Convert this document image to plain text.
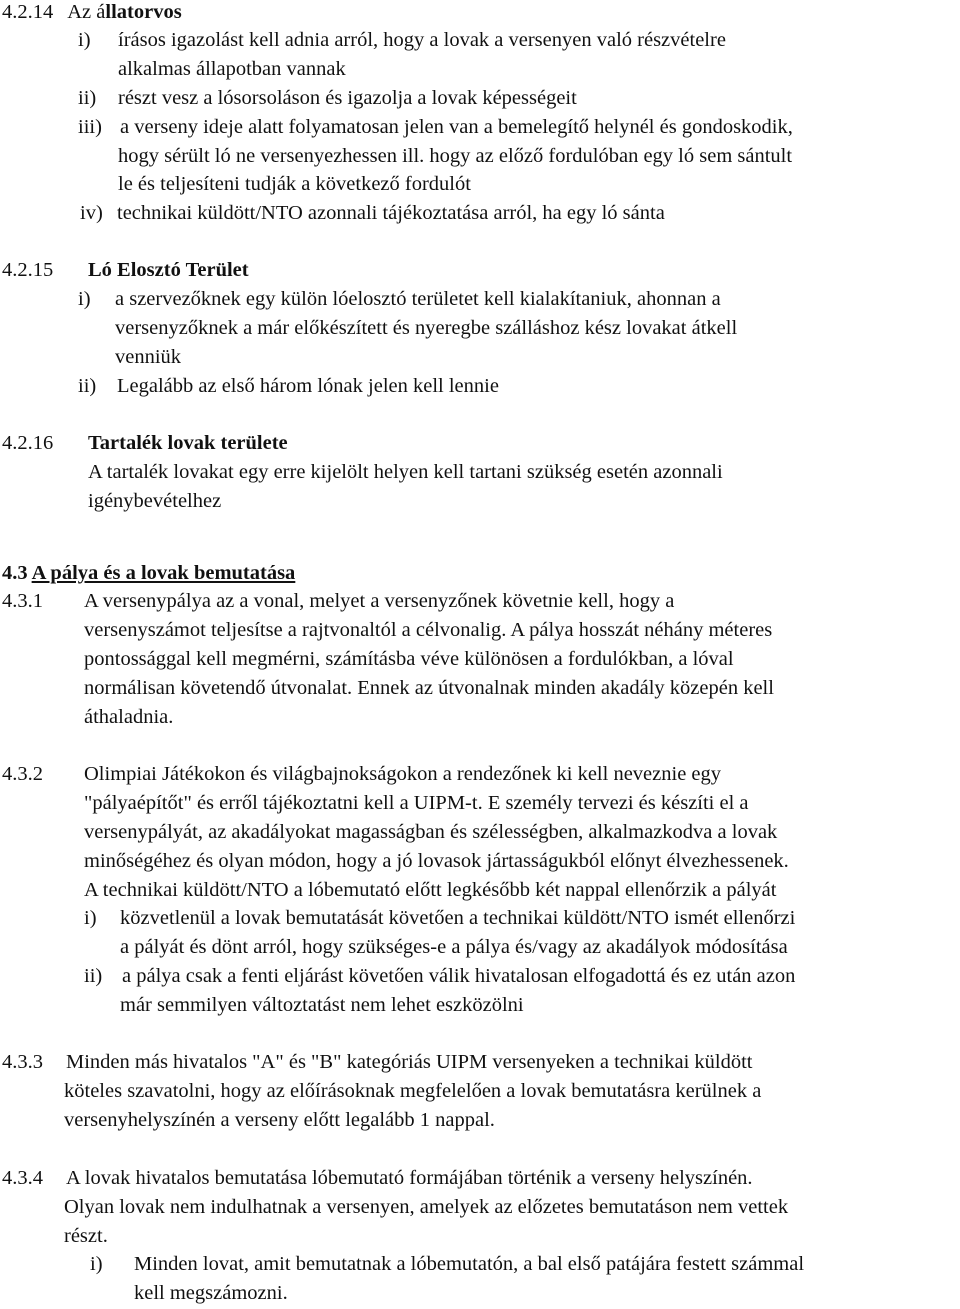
4.2.14 Az állatorvos
i) írásos igazolást kell adnia arról, hogy a lovak a versenyen való részvételre
alkalmas állapotban vannak
ii) részt vesz a lósorsoláson és igazolja a lovak képességeit
iii) a verseny ideje alatt folyamatosan jelen van a bemelegítő helynél és gondoskodik,
hogy sérült ló ne versenyezhessen ill. hogy az előző fordulóban egy ló sem sántult
le és teljesíteni tudják a következő fordulót
iv) technikai küldött/NTO azonnali tájékoztatása arról, ha egy ló sánta
4.2.15 Ló Elosztó Terület
i) a szervezőknek egy külön lóelosztó területet kell kialakítaniuk, ahonnan a
versenyzőknek a már előkészített és nyeregbe szálláshoz kész lovakat átkell
venniük
ii) Legalább az első három lónak jelen kell lennie
4.2.16 Tartalék lovak területe
A tartalék lovakat egy erre kijelölt helyen kell tartani szükség esetén azonnali
igénybevételhez
4.3 A pálya és a lovak bemutatása
4.3.1 A versenypálya az a vonal, melyet a versenyzőnek követnie kell, hogy a
versenyszámot teljesítse a rajtvonaltól a célvonalig. A pálya hosszát néhány méteres
pontossággal kell megmérni, számításba véve különösen a fordulókban, a lóval
normálisan követendő útvonalat. Ennek az útvonalnak minden akadály közepén kell
áthaladnia.
4.3.2 Olimpiai Játékokon és világbajnokságokon a rendezőnek ki kell neveznie egy
"pályaépítőt" és erről tájékoztatni kell a UIPM-t. E személy tervezi és készíti el a
versenypályát, az akadályokat magasságban és szélességben, alkalmazkodva a lovak
minőségéhez és olyan módon, hogy a jó lovasok jártasságukból előnyt élvezhessenek.
A technikai küldött/NTO a lóbemutató előtt legkésőbb két nappal ellenőrzik a pályát
i) közvetlenül a lovak bemutatását követően a technikai küldött/NTO ismét ellenőrzi
a pályát és dönt arról, hogy szükséges-e a pálya és/vagy az akadályok módosítása
ii) a pálya csak a fenti eljárást követően válik hivatalosan elfogadottá és ez után azon
már semmilyen változtatást nem lehet eszközölni
4.3.3 Minden más hivatalos "A" és "B" kategóriás UIPM versenyeken a technikai küldött
köteles szavatolni, hogy az előírásoknak megfelelően a lovak bemutatásra kerülnek a
versenyhelyszínén a verseny előtt legalább 1 nappal.
4.3.4 A lovak hivatalos bemutatása lóbemutató formájában történik a verseny helyszínén.
Olyan lovak nem indulhatnak a versenyen, amelyek az előzetes bemutatáson nem vettek
részt.
i) Minden lovat, amit bemutatnak a lóbemutatón, a bal első patájára festett számmal
kell megszámozni.
